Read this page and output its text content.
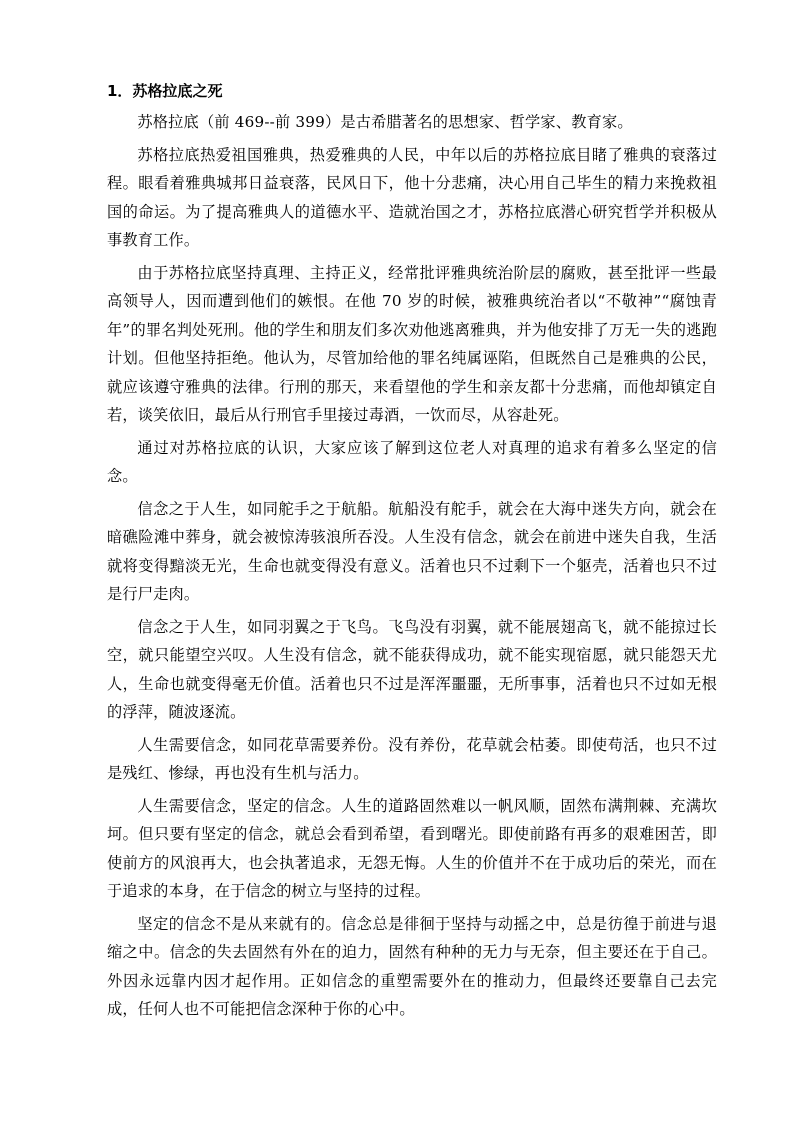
1．苏格拉底之死

苏格拉底（前 469--前 399）是古希腊著名的思想家、哲学家、教育家。

苏格拉底热爱祖国雅典，热爱雅典的人民，中年以后的苏格拉底目睹了雅典的衰落过程。眼看着雅典城邦日益衰落，民风日下，他十分悲痛，决心用自己毕生的精力来挽救祖国的命运。为了提高雅典人的道德水平、造就治国之才，苏格拉底潜心研究哲学并积极从事教育工作。

由于苏格拉底坚持真理、主持正义，经常批评雅典统治阶层的腐败，甚至批评一些最高领导人，因而遭到他们的嫉恨。在他 70 岁的时候，被雅典统治者以“不敬神”“腐蚀青年”的罪名判处死刑。他的学生和朋友们多次劝他逃离雅典，并为他安排了万无一失的逃跑计划。但他坚持拒绝。他认为，尽管加给他的罪名纯属诬陷，但既然自己是雅典的公民，就应该遵守雅典的法律。行刑的那天，来看望他的学生和亲友都十分悲痛，而他却镇定自若，谈笑依旧，最后从行刑官手里接过毒酒，一饮而尽，从容赴死。

通过对苏格拉底的认识，大家应该了解到这位老人对真理的追求有着多么坚定的信念。

信念之于人生，如同舵手之于航船。航船没有舵手，就会在大海中迷失方向，就会在暗礁险滩中葬身，就会被惊涛骇浪所吞没。人生没有信念，就会在前进中迷失自我，生活就将变得黯淡无光，生命也就变得没有意义。活着也只不过剩下一个躯壳，活着也只不过是行尸走肉。

信念之于人生，如同羽翼之于飞鸟。飞鸟没有羽翼，就不能展翅高飞，就不能掠过长空，就只能望空兴叹。人生没有信念，就不能获得成功，就不能实现宿愿，就只能怨天尤人，生命也就变得毫无价值。活着也只不过是浑浑噩噩，无所事事，活着也只不过如无根的浮萍，随波逐流。

人生需要信念，如同花草需要养份。没有养份，花草就会枯萎。即使苟活，也只不过是残红、惨绿，再也没有生机与活力。

人生需要信念，坚定的信念。人生的道路固然难以一帆风顺，固然布满荆棘、充满坎坷。但只要有坚定的信念，就总会看到希望，看到曙光。即使前路有再多的艰难困苦，即使前方的风浪再大，也会执著追求，无怨无悔。人生的价值并不在于成功后的荣光，而在于追求的本身，在于信念的树立与坚持的过程。

坚定的信念不是从来就有的。信念总是徘徊于坚持与动摇之中，总是彷徨于前进与退缩之中。信念的失去固然有外在的迫力，固然有种种的无力与无奈，但主要还在于自己。外因永远靠内因才起作用。正如信念的重塑需要外在的推动力，但最终还要靠自己去完成，任何人也不可能把信念深种于你的心中。
